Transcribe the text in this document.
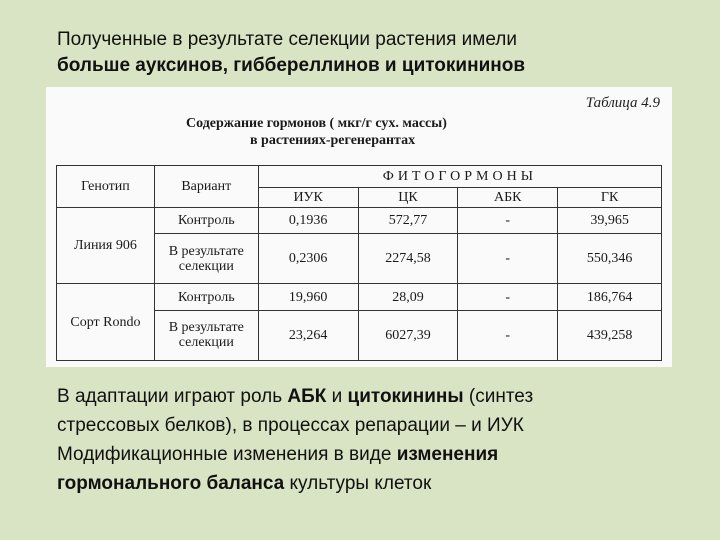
Полученные в результате селекции растения имели
больше ауксинов, гиббереллинов и цитокининов
Таблица 4.9
Содержание гормонов ( мкг/г сух. массы)
в растениях-регенерантах
Генотип	Вариант	ФИТОГОРМОНЫ			
		ИУК	ЦК	АБК	ГК
Линия 906	Контроль	0,1936	572,77	-	39,965
	В результате селекции	0,2306	2274,58	-	550,346
Сорт Rondo	Контроль	19,960	28,09	-	186,764
	В результате селекции	23,264	6027,39	-	439,258
В адаптации играют роль АБК и цитокинины (синтез
стрессовых белков), в процессах репарации – и ИУК
Модификационные изменения в виде изменения
гормонального баланса культуры клеток
